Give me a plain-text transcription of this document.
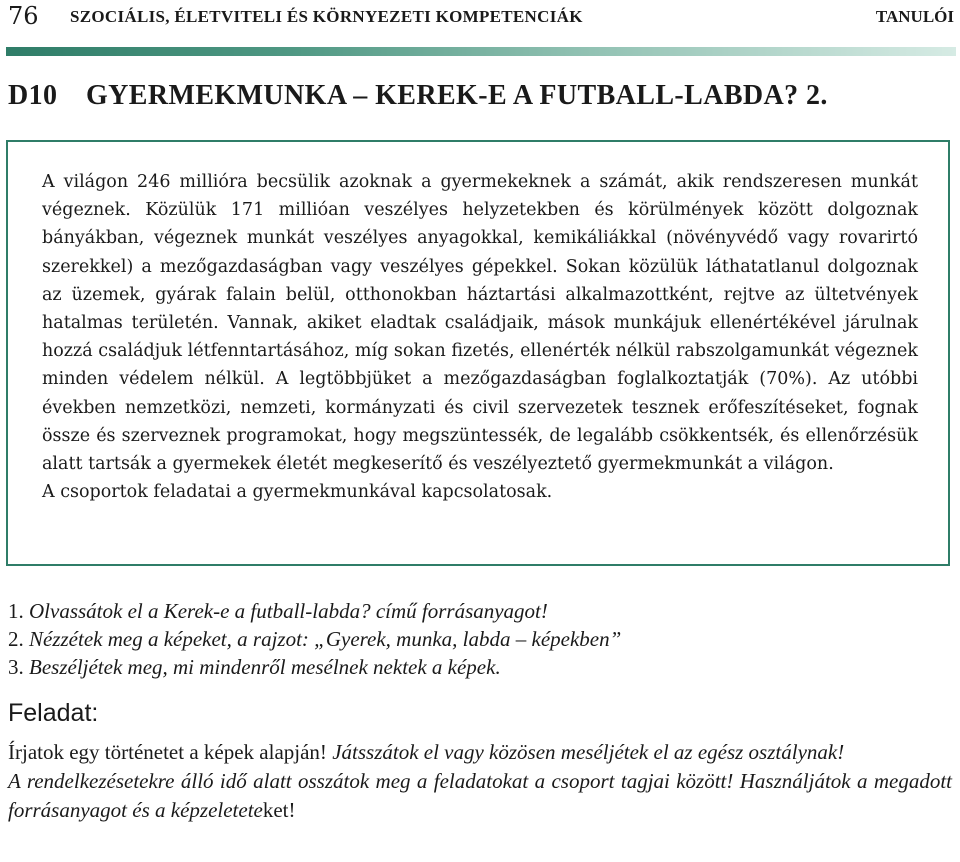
76 SZOCIÁLIS, ÉLETVITELI ÉS KÖRNYEZETI KOMPETENCIÁK	TANULÓI
D10 GYERMEKMUNKA – KEREK-E A FUTBALL-LABDA? 2.

A világon 246 millióra becsülik azoknak a gyermekeknek a számát, akik rendszeresen munkát végeznek. Közülük 171 millióan veszélyes helyzetekben és körülmények között dolgoznak bányákban, végeznek munkát veszélyes anyagokkal, kemikáliákkal (növényvédő vagy rovarirtó szerekkel) a mezőgazdaságban vagy veszélyes gépekkel. Sokan közülük láthatatlanul dolgoznak az üzemek, gyárak falain belül, otthonokban háztartási alkalmazottként, rejtve az ültetvények hatalmas területén. Vannak, akiket eladtak családjaik, mások munkájuk ellenértékével járulnak hozzá családjuk létfenntartásához, míg sokan fizetés, ellenérték nélkül rabszolgamunkát végeznek minden védelem nélkül. A legtöbbjüket a mezőgazdaságban foglalkoztatják (70%). Az utóbbi években nemzetközi, nemzeti, kormányzati és civil szervezetek tesznek erőfeszítéseket, fognak össze és szerveznek programokat, hogy megszüntessék, de legalább csökkentsék, és ellenőrzésük alatt tartsák a gyermekek életét megkeserítő és veszélyeztető gyermekmunkát a világon.

A csoportok feladatai a gyermekmunkával kapcsolatosak.

1. Olvassátok el a Kerek-e a futball-labda? című forrásanyagot!
2. Nézzétek meg a képeket, a rajzot: „Gyerek, munka, labda – képekben”
3. Beszéljétek meg, mi mindenről mesélnek nektek a képek.
Feladat:

Írjatok egy történetet a képek alapján! Játsszátok el vagy közösen meséljétek el az egész osztálynak!

A rendelkezésetekre álló idő alatt osszátok meg a feladatokat a csoport tagjai között! Használjátok a megadott forrásanyagot és a képzeleteteket!
